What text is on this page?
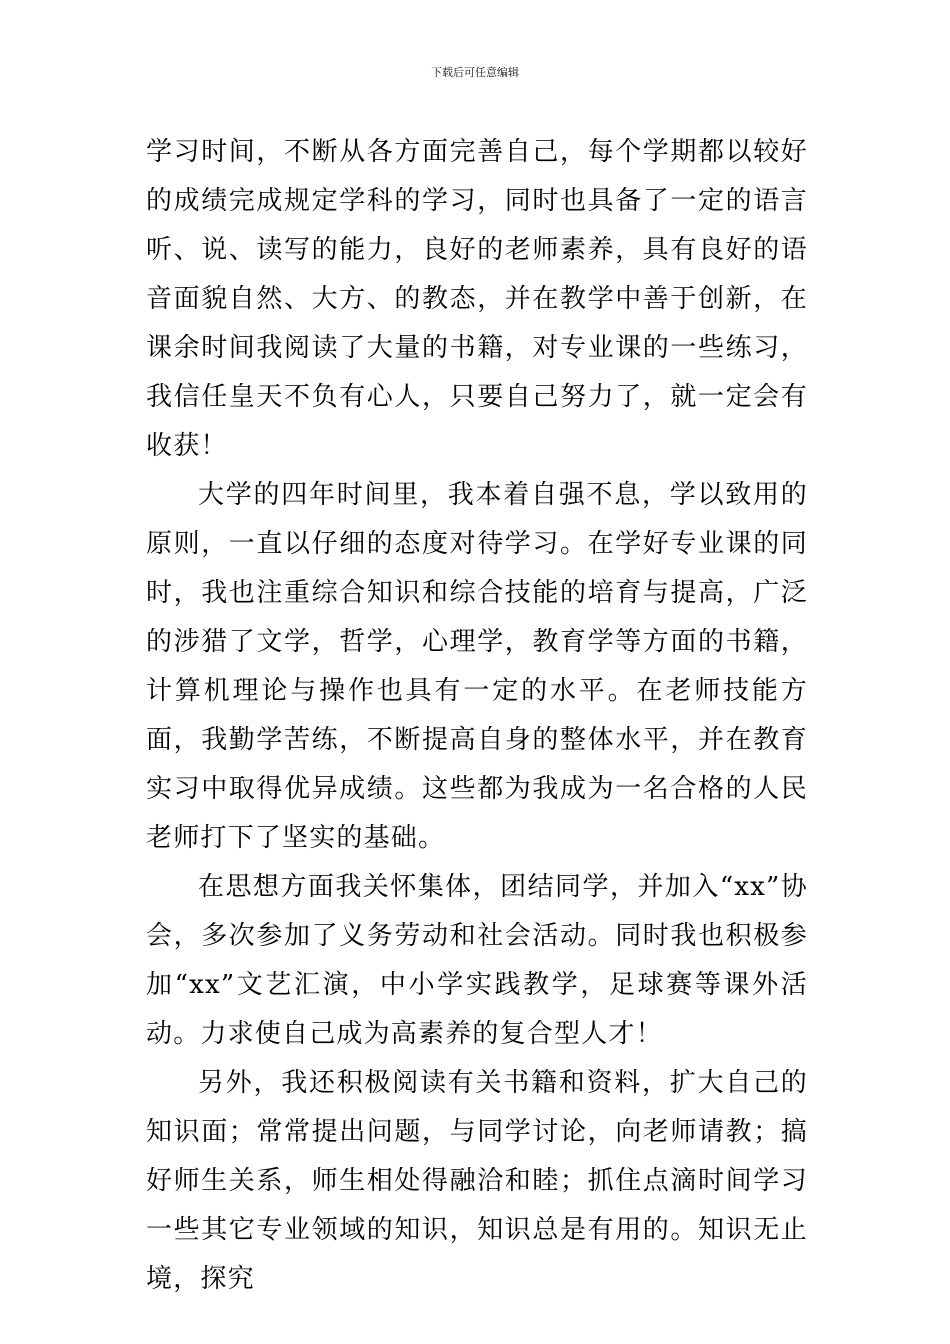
下载后可任意编辑

学习时间，不断从各方面完善自己，每个学期都以较好的成绩完成规定学科的学习，同时也具备了一定的语言听、说、读写的能力，良好的老师素养，具有良好的语音面貌自然、大方、的教态，并在教学中善于创新，在课余时间我阅读了大量的书籍，对专业课的一些练习，我信任皇天不负有心人，只要自己努力了，就一定会有收获！

大学的四年时间里，我本着自强不息，学以致用的原则，一直以仔细的态度对待学习。在学好专业课的同时，我也注重综合知识和综合技能的培育与提高，广泛的涉猎了文学，哲学，心理学，教育学等方面的书籍，计算机理论与操作也具有一定的水平。在老师技能方面，我勤学苦练，不断提高自身的整体水平，并在教育实习中取得优异成绩。这些都为我成为一名合格的人民老师打下了坚实的基础。

在思想方面我关怀集体，团结同学，并加入“xx”协会，多次参加了义务劳动和社会活动。同时我也积极参加“xx”文艺汇演，中小学实践教学，足球赛等课外活动。力求使自己成为高素养的复合型人才！

另外，我还积极阅读有关书籍和资料，扩大自己的知识面；常常提出问题，与同学讨论，向老师请教；搞好师生关系，师生相处得融洽和睦；抓住点滴时间学习一些其它专业领域的知识，知识总是有用的。知识无止境，探究
